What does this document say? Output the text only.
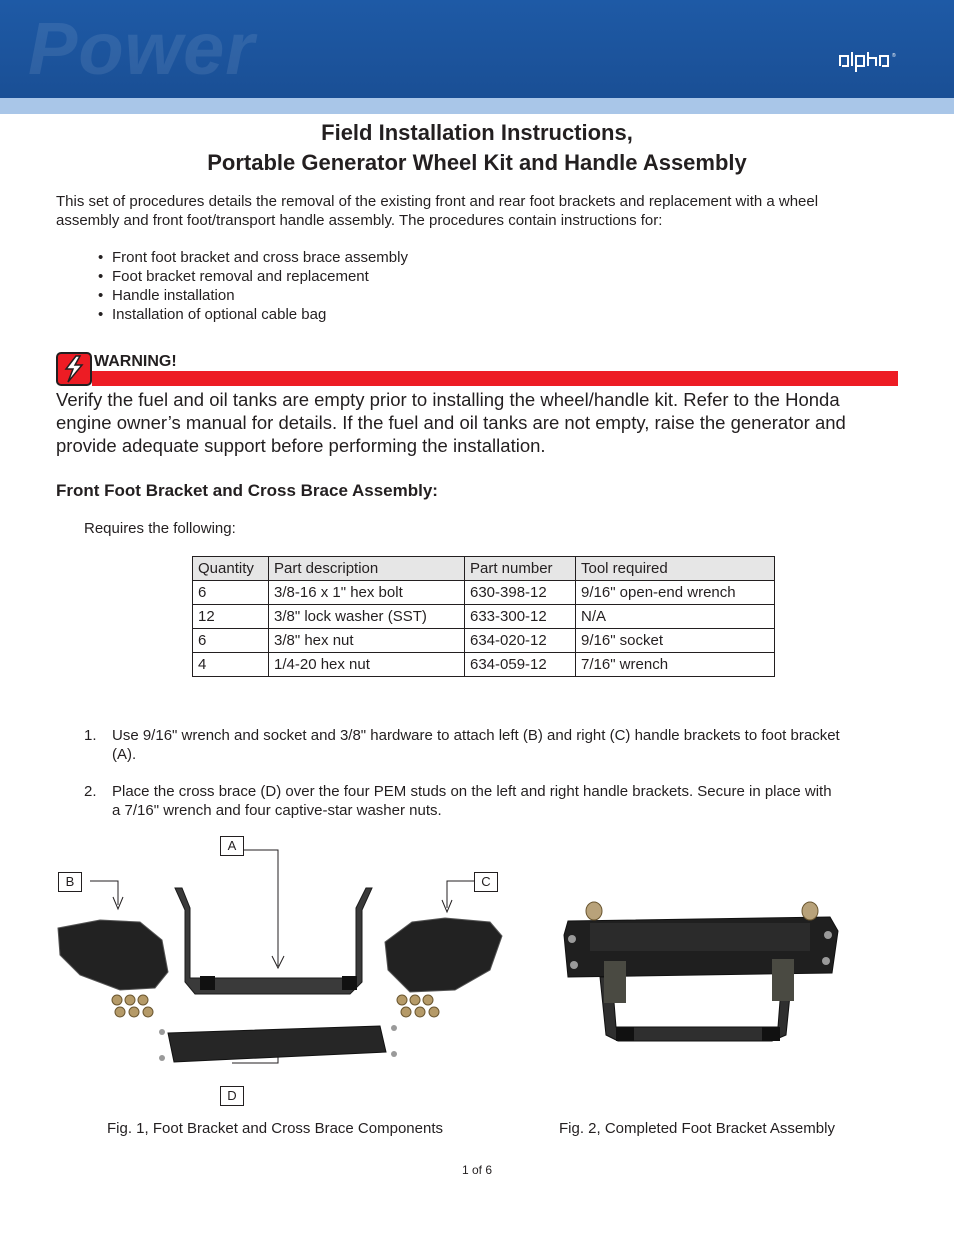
Power	®
Field Installation Instructions,
Portable Generator Wheel Kit and Handle Assembly
This set of procedures details the removal of the existing front and rear foot brackets and replacement with a wheel assembly and front foot/transport handle assembly. The procedures contain instructions for:
• Front foot bracket and cross brace assembly
• Foot bracket removal and replacement
• Handle installation
• Installation of optional cable bag
WARNING!
Verify the fuel and oil tanks are empty prior to installing the wheel/handle kit. Refer to the Honda engine owner’s manual for details. If the fuel and oil tanks are not empty, raise the generator and provide adequate support before performing the installation.
Front Foot Bracket and Cross Brace Assembly:
Requires the following:
Quantity	Part description	Part number	Tool required
6	3/8-16 x 1" hex bolt	630-398-12	9/16" open-end wrench
12	3/8" lock washer (SST)	633-300-12	N/A
6	3/8" hex nut	634-020-12	9/16" socket
4	1/4-20 hex nut	634-059-12	7/16" wrench
1. Use 9/16" wrench and socket and 3/8" hardware to attach left (B) and right (C) handle brackets to foot bracket (A).
2. Place the cross brace (D) over the four PEM studs on the left and right handle brackets. Secure in place with a 7/16" wrench and four captive-star washer nuts.
A
B	C
D
Fig. 1, Foot Bracket and Cross Brace Components	Fig. 2, Completed Foot Bracket Assembly
1 of 6
